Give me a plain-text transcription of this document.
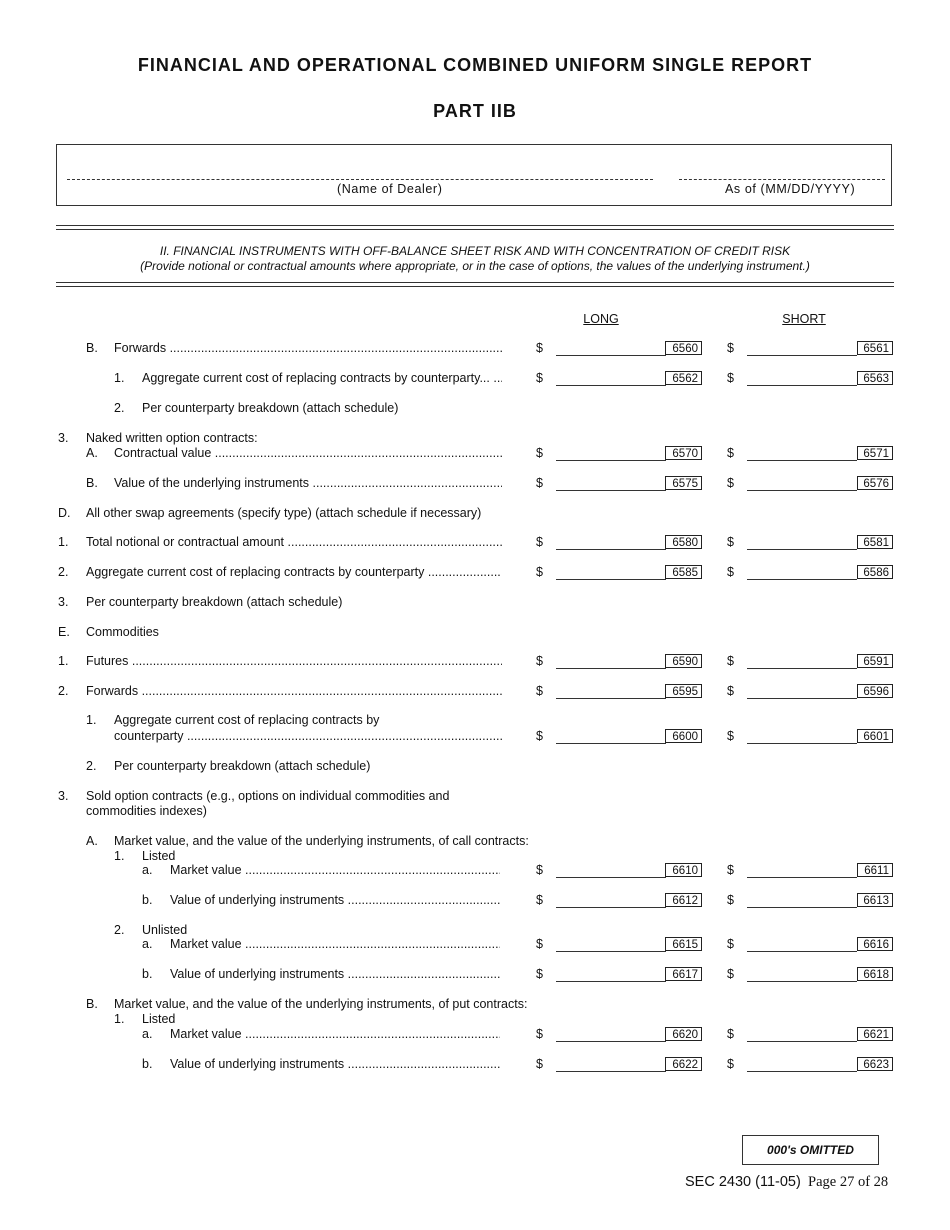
FINANCIAL AND OPERATIONAL COMBINED UNIFORM SINGLE REPORT
PART IIB
(Name of Dealer)	As of (MM/DD/YYYY)
II. FINANCIAL INSTRUMENTS WITH OFF-BALANCE SHEET RISK AND WITH CONCENTRATION OF CREDIT RISK
(Provide notional or contractual amounts where appropriate, or in the case of options, the values of the underlying instrument.)
LONG	SHORT
B. Forwards .....	$	6560	$	6561
1. Aggregate current cost of replacing contracts by counterparty... .....	$	6562	$	6563
2. Per counterparty breakdown (attach schedule)
3. Naked written option contracts:
A. Contractual value .....	$	6570	$	6571
B. Value of the underlying instruments .....	$	6575	$	6576
D. All other swap agreements (specify type) (attach schedule if necessary)
1. Total notional or contractual amount .....	$	6580	$	6581
2. Aggregate current cost of replacing contracts by counterparty .....	$	6585	$	6586
3. Per counterparty breakdown (attach schedule)
E. Commodities
1. Futures .....	$	6590	$	6591
2. Forwards .....	$	6595	$	6596
1. Aggregate current cost of replacing contracts by
counterparty .....	$	6600	$	6601
2. Per counterparty breakdown (attach schedule)
3. Sold option contracts (e.g., options on individual commodities and
commodities indexes)
A. Market value, and the value of the underlying instruments, of call contracts:
1. Listed
a. Market value .....	$	6610	$	6611
b. Value of underlying instruments .....	$	6612	$	6613
2. Unlisted
a. Market value .....	$	6615	$	6616
b. Value of underlying instruments .....	$	6617	$	6618
B. Market value, and the value of the underlying instruments, of put contracts:
1. Listed
a. Market value .....	$	6620	$	6621
b. Value of underlying instruments .....	$	6622	$	6623
000's OMITTED
SEC 2430 (11-05) Page 27 of 28
